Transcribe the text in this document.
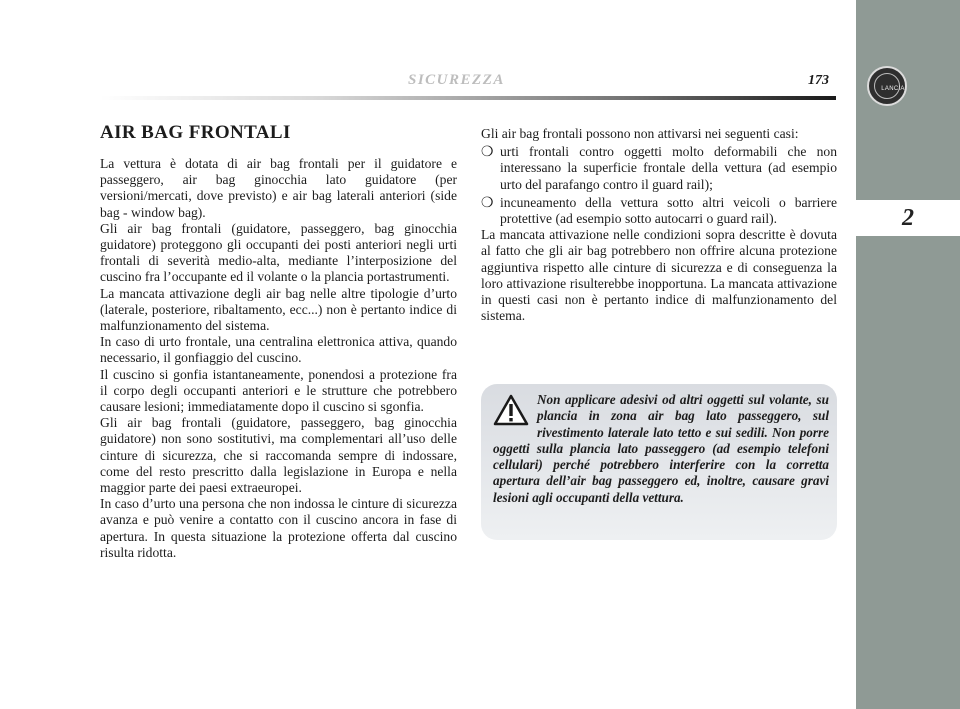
LANCIA
2
SICUREZZA	173
AIR BAG FRONTALI

La vettura è dotata di air bag frontali per il guidatore e passeggero, air bag ginocchia lato guidatore (per versioni/mercati, dove previsto) e air bag laterali anteriori (side bag - window bag).

Gli air bag frontali (guidatore, passeggero, bag ginocchia guidatore) proteggono gli occupanti dei posti anteriori negli urti frontali di severità medio-alta, mediante l’interposizione del cuscino fra l’occupante ed il volante o la plancia portastrumenti.

La mancata attivazione degli air bag nelle altre tipologie d’urto (laterale, posteriore, ribaltamento, ecc...) non è pertanto indice di malfunzionamento del sistema.

In caso di urto frontale, una centralina elettronica attiva, quando necessario, il gonfiaggio del cuscino.

Il cuscino si gonfia istantaneamente, ponendosi a protezione fra il corpo degli occupanti anteriori e le strutture che potrebbero causare lesioni; immediatamente dopo il cuscino si sgonfia.

Gli air bag frontali (guidatore, passeggero, bag ginocchia guidatore) non sono sostitutivi, ma complementari all’uso delle cinture di sicurezza, che si raccomanda sempre di indossare, come del resto prescritto dalla legislazione in Europa e nella maggior parte dei paesi extraeuropei.

In caso d’urto una persona che non indossa le cinture di sicurezza avanza e può venire a contatto con il cuscino ancora in fase di apertura. In questa situazione la protezione offerta dal cuscino risulta ridotta.

Gli air bag frontali possono non attivarsi nei seguenti casi:

❍ urti frontali contro oggetti molto deformabili che non interessano la superficie frontale della vettura (ad esempio urto del parafango contro il guard rail);
❍ incuneamento della vettura sotto altri veicoli o barriere protettive (ad esempio sotto autocarri o guard rail).

La mancata attivazione nelle condizioni sopra descritte è dovuta al fatto che gli air bag potrebbero non offrire alcuna protezione aggiuntiva rispetto alle cinture di sicurezza e di conseguenza la loro attivazione risulterebbe inopportuna. La mancata attivazione in questi casi non è pertanto indice di malfunzionamento del sistema.

Non applicare adesivi od altri oggetti sul volante, su plancia in zona air bag lato passeggero, sul rivestimento laterale lato tetto e sui sedili. Non porre oggetti sulla plancia lato passeggero (ad esempio telefoni cellulari) perché potrebbero interferire con la corretta apertura dell’air bag passeggero ed, inoltre, causare gravi lesioni agli occupanti della vettura.
